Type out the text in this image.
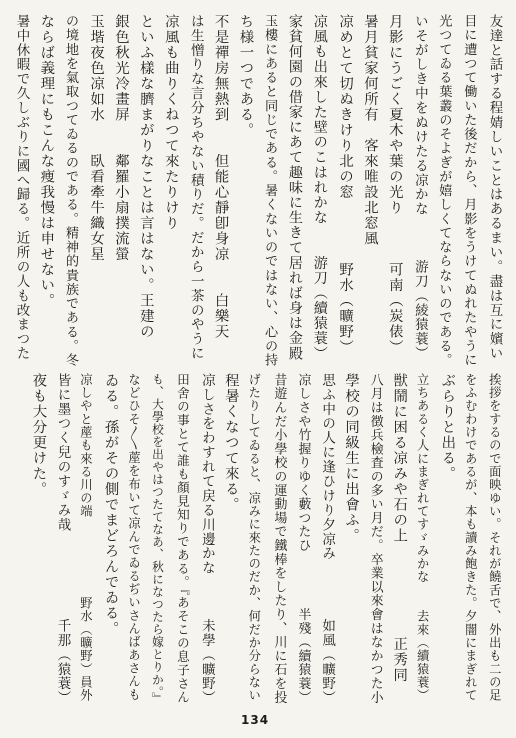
友達と話する程婧しいことはあるまい。盡は互に嬪い
目に遭つて働いた後だから、月影をうけてぬれたやうに
光つてゐる葉叢のそよぎが嬉しくてならないのである。
いそがしき中をぬけたる凉かな　　　游刀（綾猿蓑）
月影にうごく夏木や葉の光り　　　可南（炭俵）
暑月貧家何所有　客來唯設北窓風
凉めとて切ぬきけり北の窓　　　　野水（曠野）
凉風も出來した壁のこはれかな　　游刀（續猿蓑）
家貧何園の借家にあて趣味に生きて居れば身は金殿
玉樓にあると同じである。暑くないのではない、心の持
ち様一つである。
不是禪房無熱到　　但能心靜卽身凉　　白樂天
は生憎りな言分ちやない積りだ。だから一茶のやうに
凉風も曲りくねつて來たりけり
といふ樣な臍まがりなことは言はない。王建の
銀色秋光冷畫屏　　鄰羅小扇撲流螢
玉堦夜色凉如水　　臥看牽牛織女星
の境地を氣取つてゐるのである。精神的貴族である。冬
ならば義理にもこんな痩我慢は申せない。
暑中休暇で久しぶりに國へ歸る。近所の人も改まつた
挨拶をするので面映ゆい。それが饒舌で、外出も二の足
をふむわけであるが、本も讀み飽きた。夕闇にまぎれて
ぶらりと出る。
立ちあるく人にまぎれてすゞみかな　　去來（續猿蓑）
獣鬧に困る凉みや石の上　　　　　　正秀同
八月は徴兵檢査の多い月だ。卒業以來會はなかつた小
學校の同級生に出會ふ。
思ふ中の人に逢ひけり夕凉み　　　　如風（曠野）
凉しさや竹握りゆく藪つたひ　　　　半殘（續猿蓑）
昔遊んだ小學校の運動場で鐵棒をしたり、川に石を投
げたりしてゐると、凉みに來たのだか、何だか分らない
程暑くなつて來る。
凉しさをわすれて戻る川邊かな　　　未學（曠野）
田舍の事とて誰も顏見知りである。『あそこの息子さん
も、大學校を出やはつたてなあ、秋になつたら嫁とりか。』
などひそ〳〵蓙を布いて凉んでゐるぢいさんばあさんも
ゐる。孫がその側でまどろんでゐる。
凉しやと蓙も來る川の端　　　　　　野水（曠野）員外
皆に墨つく兒のすゞみ哉　　　　　　千那（猿蓑）
夜も大分更けた。
134
